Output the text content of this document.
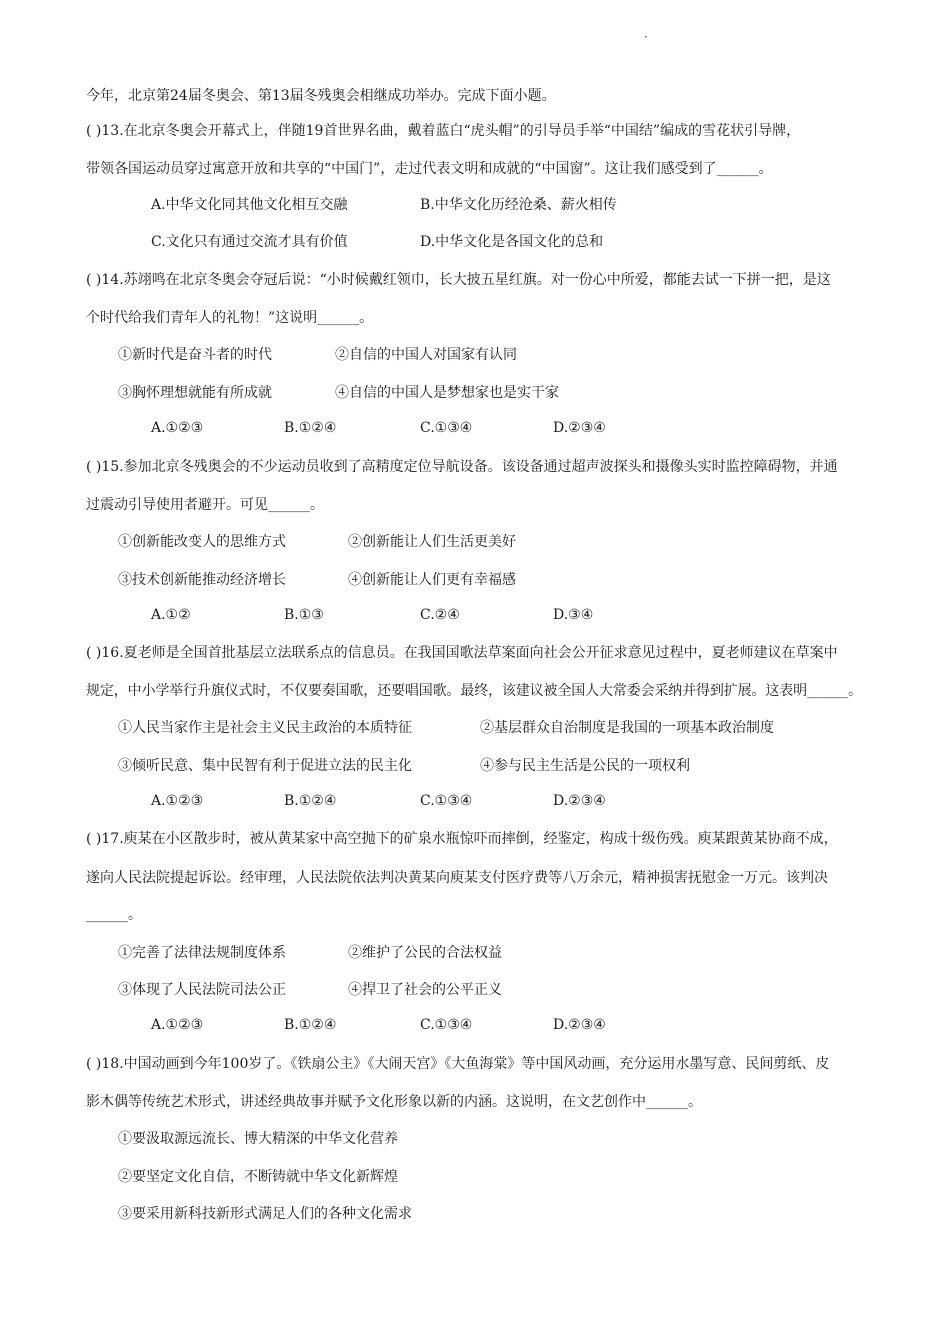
·
今年，北京第24届冬奥会、第13届冬残奥会相继成功举办。完成下面小题。
( )13.在北京冬奥会开幕式上，伴随19首世界名曲，戴着蓝白“虎头帽”的引导员手举“中国结”编成的雪花状引导牌，
带领各国运动员穿过寓意开放和共享的“中国门”，走过代表文明和成就的“中国窗”。这让我们感受到了______。
A.中华文化同其他文化相互交融	B.中华文化历经沧桑、薪火相传
C.文化只有通过交流才具有价值	D.中华文化是各国文化的总和
( )14.苏翊鸣在北京冬奥会夺冠后说：“小时候戴红领巾，长大披五星红旗。对一份心中所爱，都能去试一下拼一把，是这
个时代给我们青年人的礼物！”这说明______。
①新时代是奋斗者的时代	②自信的中国人对国家有认同
③胸怀理想就能有所成就	④自信的中国人是梦想家也是实干家
A.①②③	B.①②④	C.①③④	D.②③④
( )15.参加北京冬残奥会的不少运动员收到了高精度定位导航设备。该设备通过超声波探头和摄像头实时监控障碍物，并通
过震动引导使用者避开。可见______。
①创新能改变人的思维方式	②创新能让人们生活更美好
③技术创新能推动经济增长	④创新能让人们更有幸福感
A.①②	B.①③	C.②④	D.③④
( )16.夏老师是全国首批基层立法联系点的信息员。在我国国歌法草案面向社会公开征求意见过程中，夏老师建议在草案中
规定，中小学举行升旗仪式时，不仅要奏国歌，还要唱国歌。最终，该建议被全国人大常委会采纳并得到扩展。这表明______。
①人民当家作主是社会主义民主政治的本质特征	②基层群众自治制度是我国的一项基本政治制度
③倾听民意、集中民智有利于促进立法的民主化	④参与民主生活是公民的一项权利
A.①②③	B.①②④	C.①③④	D.②③④
( )17.庾某在小区散步时，被从黄某家中高空抛下的矿泉水瓶惊吓而摔倒，经鉴定，构成十级伤残。庾某跟黄某协商不成，
遂向人民法院提起诉讼。经审理，人民法院依法判决黄某向庾某支付医疗费等八万余元，精神损害抚慰金一万元。该判决
______。
①完善了法律法规制度体系	②维护了公民的合法权益
③体现了人民法院司法公正	④捍卫了社会的公平正义
A.①②③	B.①②④	C.①③④	D.②③④
( )18.中国动画到今年100岁了。《铁扇公主》《大闹天宫》《大鱼海棠》等中国风动画，充分运用水墨写意、民间剪纸、皮
影木偶等传统艺术形式，讲述经典故事并赋予文化形象以新的内涵。这说明，在文艺创作中______。
①要汲取源远流长、博大精深的中华文化营养
②要坚定文化自信，不断铸就中华文化新辉煌
③要采用新科技新形式满足人们的各种文化需求
